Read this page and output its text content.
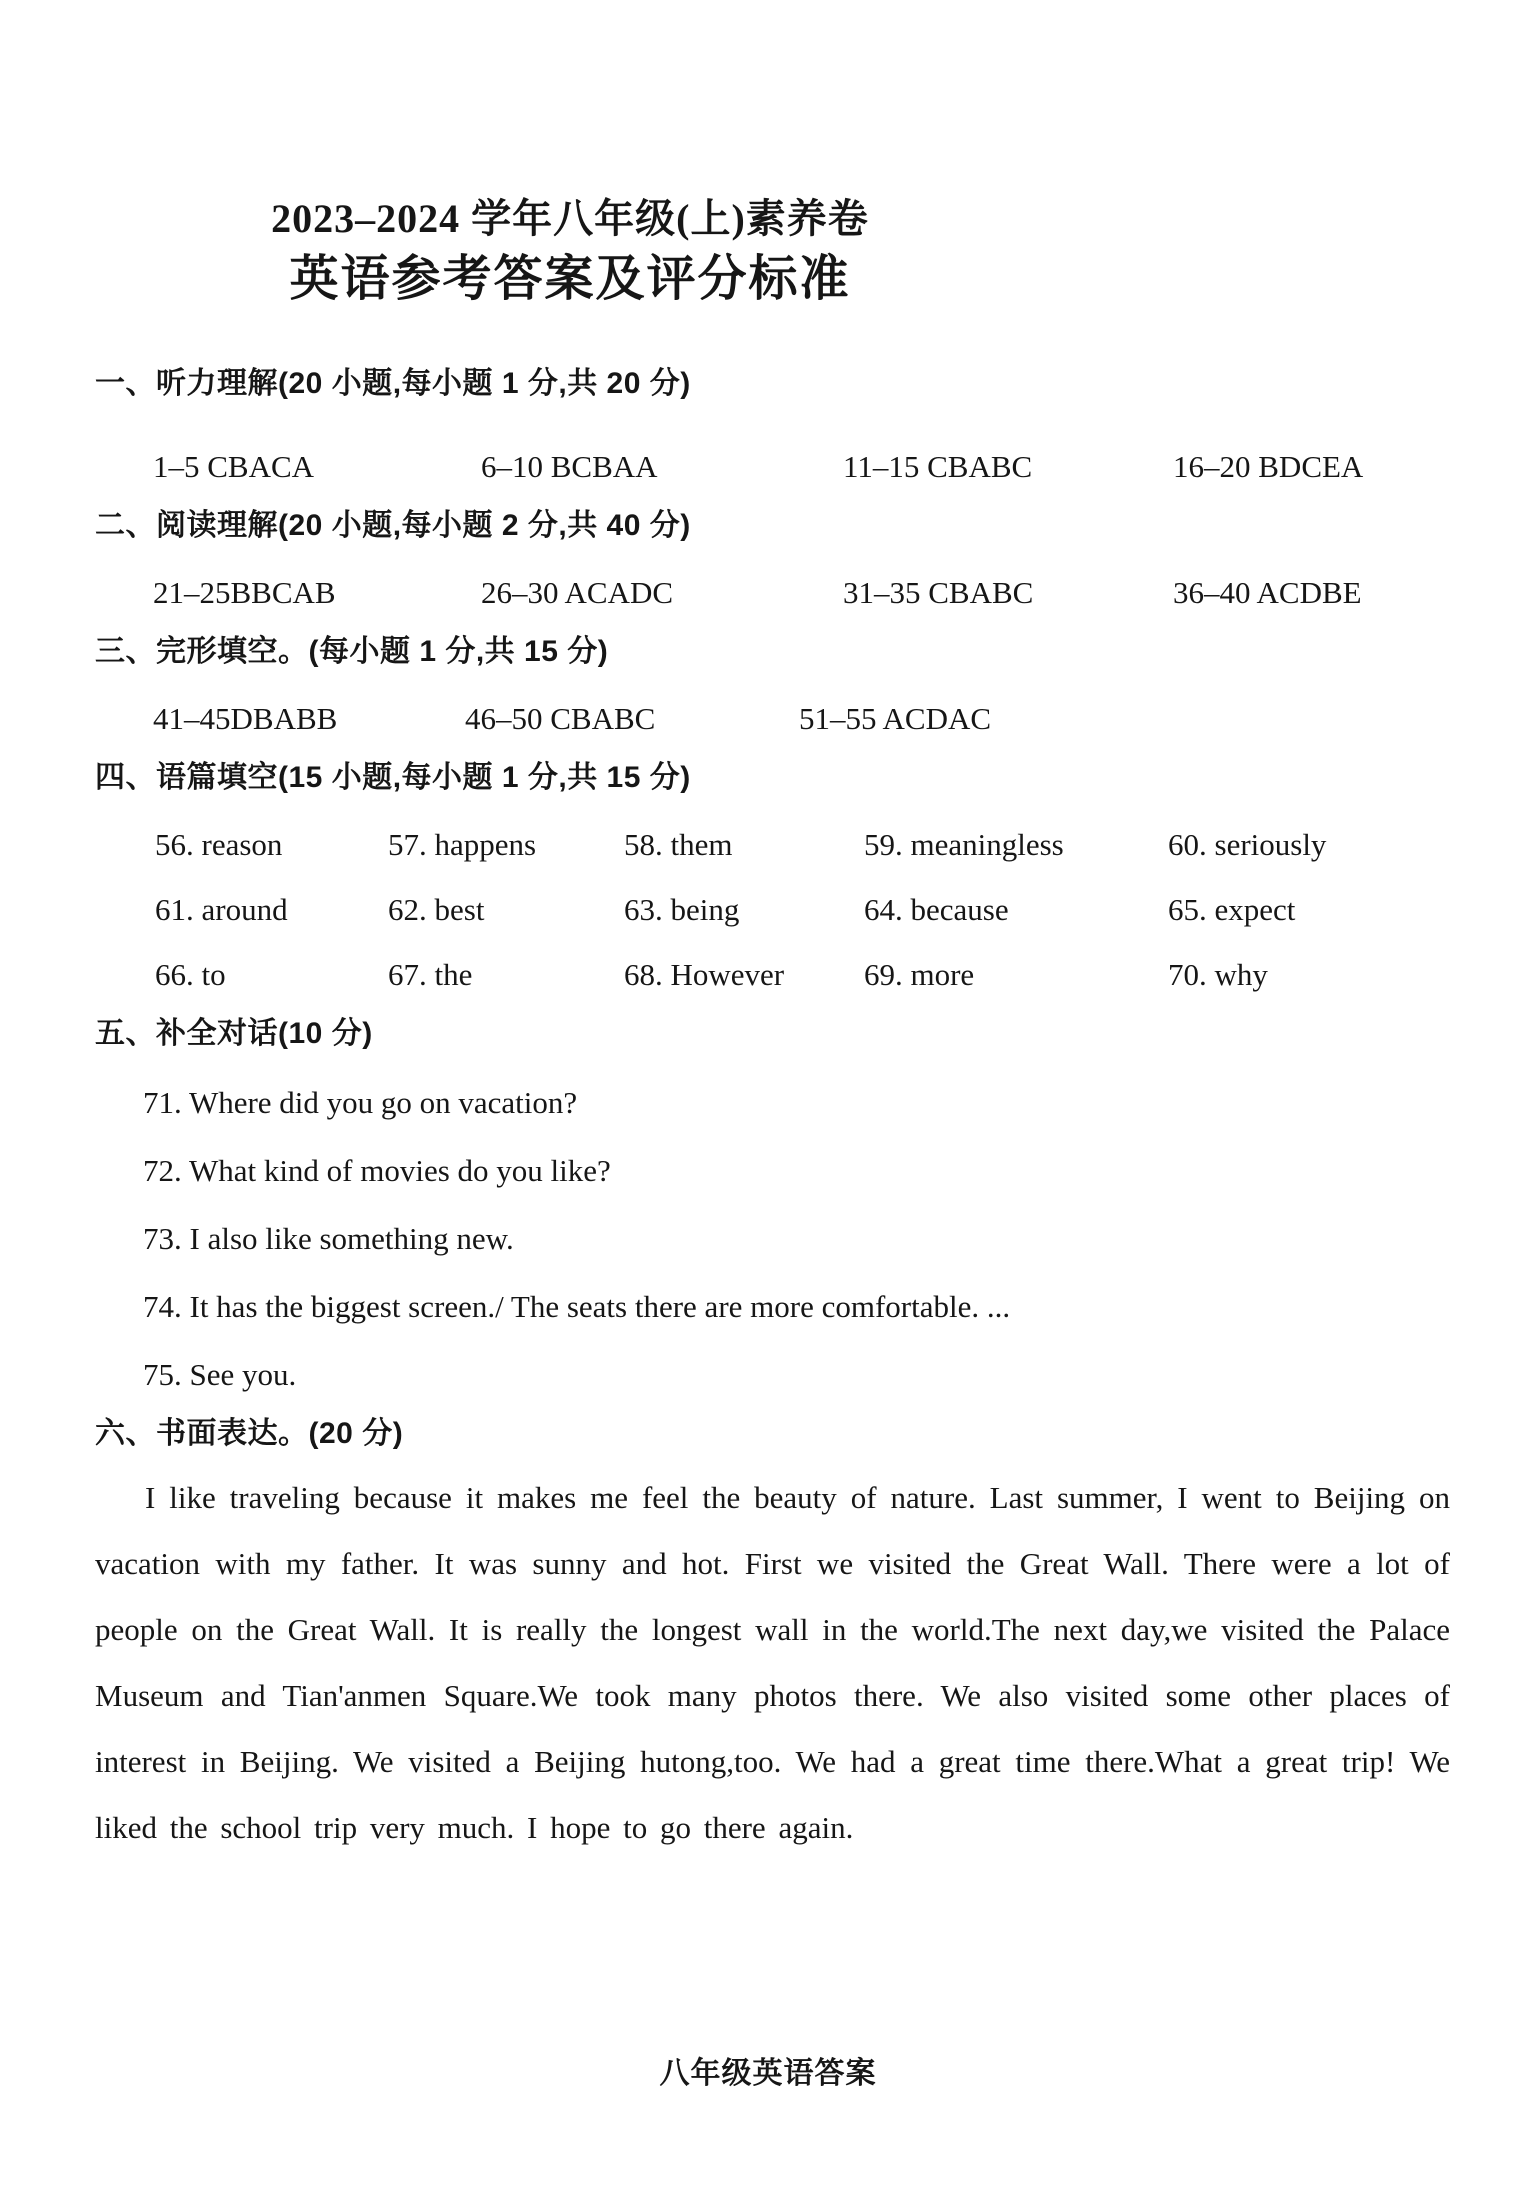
2023–2024 学年八年级(上)素养卷
英语参考答案及评分标准
一、听力理解(20 小题,每小题 1 分,共 20 分)
1–5 CBACA	6–10 BCBAA	11–15 CBABC	16–20 BDCEA
二、阅读理解(20 小题,每小题 2 分,共 40 分)
21–25BBCAB	26–30 ACADC	31–35 CBABC	36–40 ACDBE
三、完形填空。(每小题 1 分,共 15 分)
41–45DBABB	46–50 CBABC	51–55 ACDAC
四、语篇填空(15 小题,每小题 1 分,共 15 分)
56. reason	57. happens	58. them	59. meaningless	60. seriously
61. around	62. best	63. being	64. because	65. expect
66. to	67. the	68. However	69. more	70. why
五、补全对话(10 分)
71. Where did you go on vacation?
72. What kind of movies do you like?
73. I also like something new.
74. It has the biggest screen./ The seats there are more comfortable. ...
75. See you.
六、书面表达。(20 分)

I like traveling because it makes me feel the beauty of nature. Last summer, I went to Beijing on vacation with my father. It was sunny and hot. First we visited the Great Wall. There were a lot of people on the Great Wall. It is really the longest wall in the world.The next day,we visited the Palace Museum and Tian'anmen Square.We took many photos there. We also visited some other places of interest in Beijing. We visited a Beijing hutong,too. We had a great time there.What a great trip! We liked the school trip very much. I hope to go there again.

八年级英语答案
